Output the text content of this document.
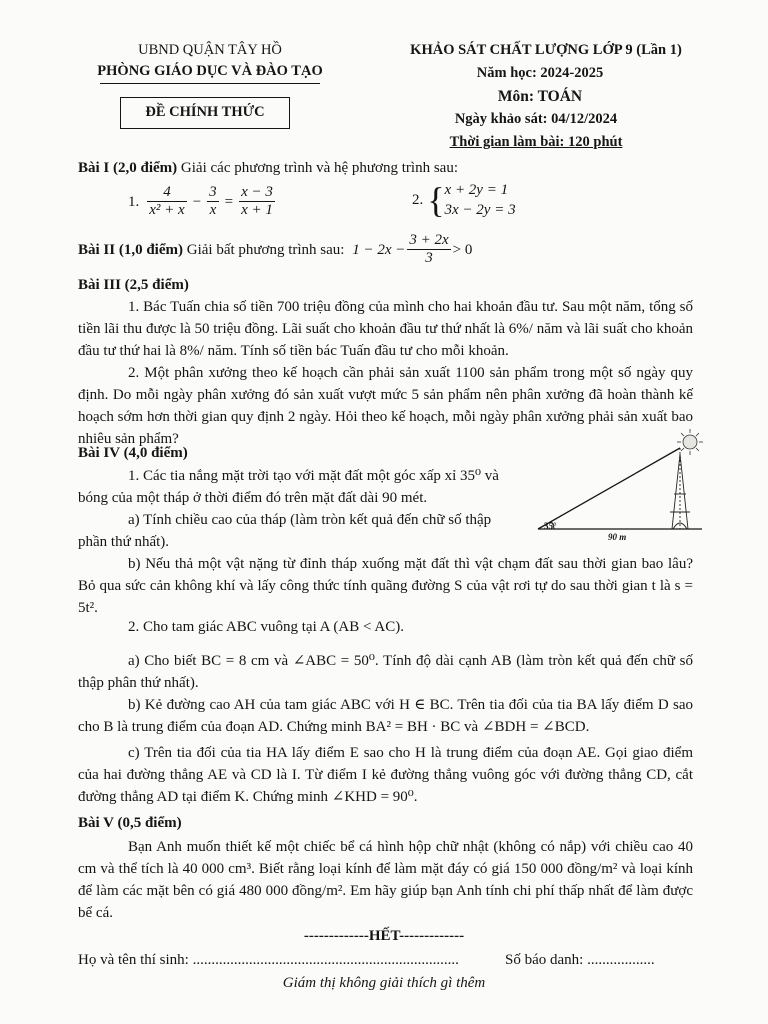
UBND QUẬN TÂY HỒ
PHÒNG GIÁO DỤC VÀ ĐÀO TẠO
ĐỀ CHÍNH THỨC
KHẢO SÁT CHẤT LƯỢNG LỚP 9 (Lần 1)
Năm học: 2024-2025
Môn: TOÁN
Ngày khảo sát: 04/12/2024
Thời gian làm bài: 120 phút
Bài I (2,0 điểm) Giải các phương trình và hệ phương trình sau:
1. $\frac{4}{\text{x² + x}} - \frac{3}{x} = \frac{x - 3}{x + 1}$	2. { x + 2y = 1
3x − 2y = 3
Bài II (1,0 điểm) Giải bất phương trình sau: $1 - 2x - \frac{3 + 2x}{3} > 0$
Bài III (2,5 điểm)
1. Bác Tuấn chia số tiền 700 triệu đồng của mình cho hai khoản đầu tư. Sau một năm, tổng số tiền lãi thu được là 50 triệu đồng. Lãi suất cho khoản đầu tư thứ nhất là 6%/ năm và lãi suất cho khoản đầu tư thứ hai là 8%/ năm. Tính số tiền bác Tuấn đầu tư cho mỗi khoản.
2. Một phân xưởng theo kế hoạch cần phải sản xuất 1100 sản phẩm trong một số ngày quy định. Do mỗi ngày phân xưởng đó sản xuất vượt mức 5 sản phẩm nên phân xưởng đã hoàn thành kế hoạch sớm hơn thời gian quy định 2 ngày. Hỏi theo kế hoạch, mỗi ngày phân xưởng phải sản xuất bao nhiêu sản phẩm?
Bài IV (4,0 điểm)
1. Các tia nắng mặt trời tạo với mặt đất một góc xấp xỉ 35⁰ và
bóng của một tháp ở thời điểm đó trên mặt đất dài 90 mét.
a) Tính chiều cao của tháp (làm tròn kết quả đến chữ số thập
phần thứ nhất).
b) Nếu thả một vật nặng từ đỉnh tháp xuống mặt đất thì vật chạm đất sau thời gian bao lâu? Bỏ qua sức cản không khí và lấy công thức tính quãng đường S của vật rơi tự do sau thời gian t là s = 5t².
35°
90 m
2. Cho tam giác ABC vuông tại A (AB < AC).
a) Cho biết BC = 8 cm và ∠ABC = 50⁰. Tính độ dài cạnh AB (làm tròn kết quả đến chữ số thập phân thứ nhất).
b) Kẻ đường cao AH của tam giác ABC với H ∈ BC. Trên tia đối của tia BA lấy điểm D sao cho B là trung điểm của đoạn AD. Chứng minh BA² = BH · BC và ∠BDH = ∠BCD.
c) Trên tia đối của tia HA lấy điểm E sao cho H là trung điểm của đoạn AE. Gọi giao điểm của hai đường thẳng AE và CD là I. Từ điểm I kẻ đường thẳng vuông góc với đường thẳng CD, cắt đường thẳng AD tại điểm K. Chứng minh ∠KHD = 90⁰.
Bài V (0,5 điểm)
Bạn Anh muốn thiết kế một chiếc bể cá hình hộp chữ nhật (không có nắp) với chiều cao 40 cm và thể tích là 40 000 cm³. Biết rằng loại kính để làm mặt đáy có giá 150 000 đồng/m² và loại kính để làm các mặt bên có giá 480 000 đồng/m². Em hãy giúp bạn Anh tính chi phí thấp nhất để làm được bể cá.
-------------HẾT-------------
Họ và tên thí sinh: .......................................................................	Số báo danh: ..................
Giám thị không giải thích gì thêm
